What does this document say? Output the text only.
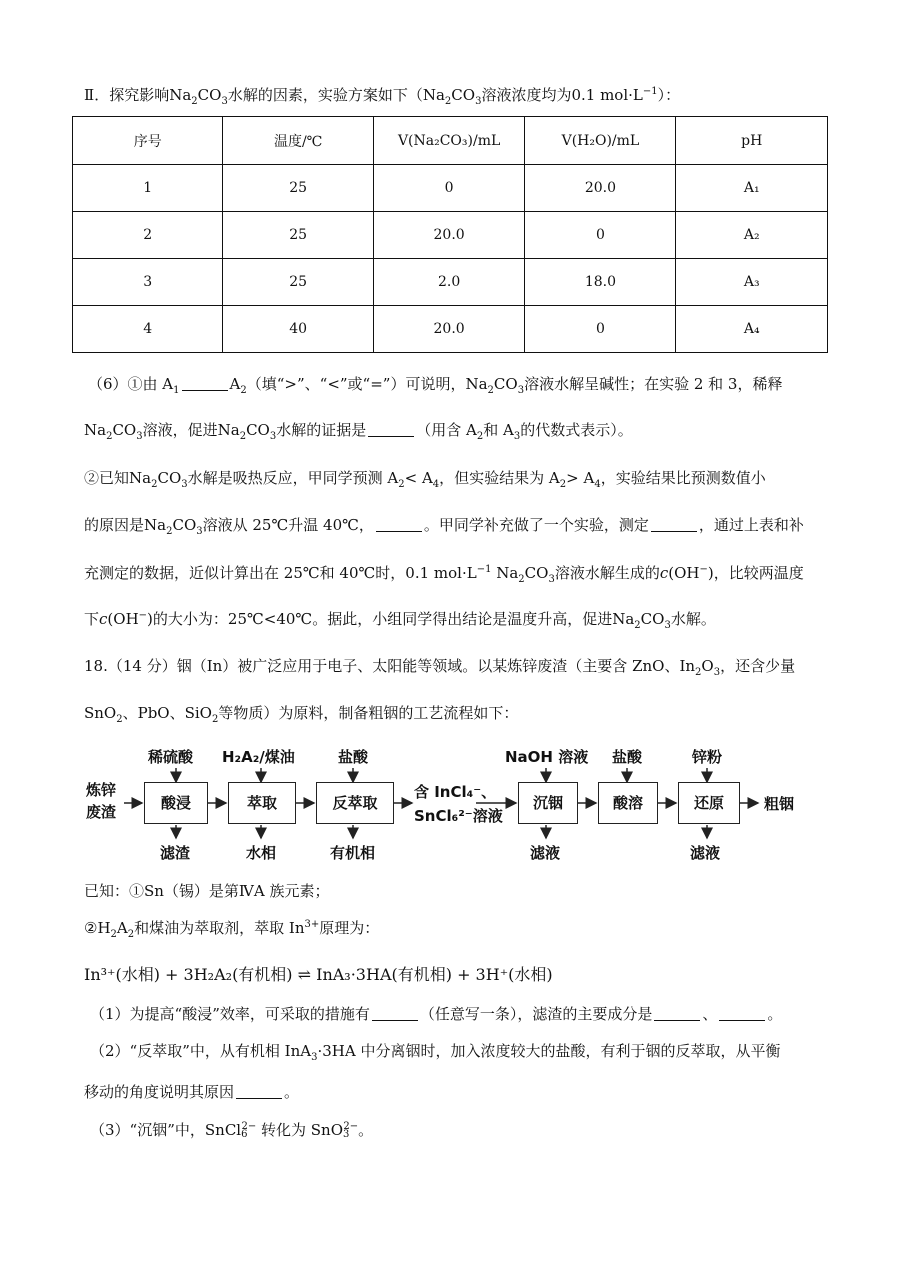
Ⅱ．探究影响$Na_2CO_3$水解的因素，实验方案如下（$Na_2CO_3$溶液浓度均为0.1 $mol\cdot L^{-1}$）：
序号	温度/℃	V(Na₂CO₃)/mL	V(H₂O)/mL	pH
1	25	0	20.0	A₁
2	25	20.0	0	A₂
3	25	2.0	18.0	A₃
4	40	20.0	0	A₄
（6）①由 $A_1$	$A_2$（填“>”、“<”或“=”）可说明，$Na_2CO_3$溶液水解呈碱性；在实验 2 和 3，稀释
$Na_2CO_3$溶液，促进$Na_2CO_3$水解的证据是	（用含 $A_2$和 $A_3$的代数式表示）。
②已知$Na_2CO_3$水解是吸热反应，甲同学预测 $A_2< A_4$，但实验结果为 $A_2> A_4$，实验结果比预测数值小
的原因是$Na_2CO_3$溶液从 25℃升温 40℃，	。甲同学补充做了一个实验，测定	，通过上表和补
充测定的数据，近似计算出在 25℃和 40℃时，0.1 $mol\cdot L^{-1}$ $Na_2CO_3$溶液水解生成的c(OH−)，比较两温度
下c(OH−)的大小为：25℃<40℃。据此，小组同学得出结论是温度升高，促进$Na_2CO_3$水解。
18.（14 分）铟（In）被广泛应用于电子、太阳能等领域。以某炼锌废渣（主要含 ZnO、$In_2O_3$，还含少量
SnO$_2$、PbO、SiO$_2$等物质）为原料，制备粗铟的工艺流程如下：
炼锌
废渣	酸浸	萃取	反萃取	沉铟	酸溶	还原
稀硫酸 H₂A₂/煤油	盐酸	NaOH 溶液 盐酸	锌粉
滤渣	水相	有机相	滤液	滤液
含 InCl₄⁻、
SnCl₆²⁻溶液
粗铟
已知：①Sn（锡）是第ⅣA 族元素；
$②H_2A_2$和煤油为萃取剂，萃取 $In^{3+}$原理为：
In³⁺(水相) + 3H₂A₂(有机相) ⇌ InA₃·3HA(有机相) + 3H⁺(水相)
（1）为提高“酸浸”效率，可采取的措施有	（任意写一条），滤渣的主要成分是	、	。
（2）“反萃取”中，从有机相 InA$_3$·3HA 中分离铟时，加入浓度较大的盐酸，有利于铟的反萃取，从平衡
移动的角度说明其原因	。
（3）“沉铟”中，SnCl$_6^{2-}$ 转化为 SnO$_3^{2-}$。
